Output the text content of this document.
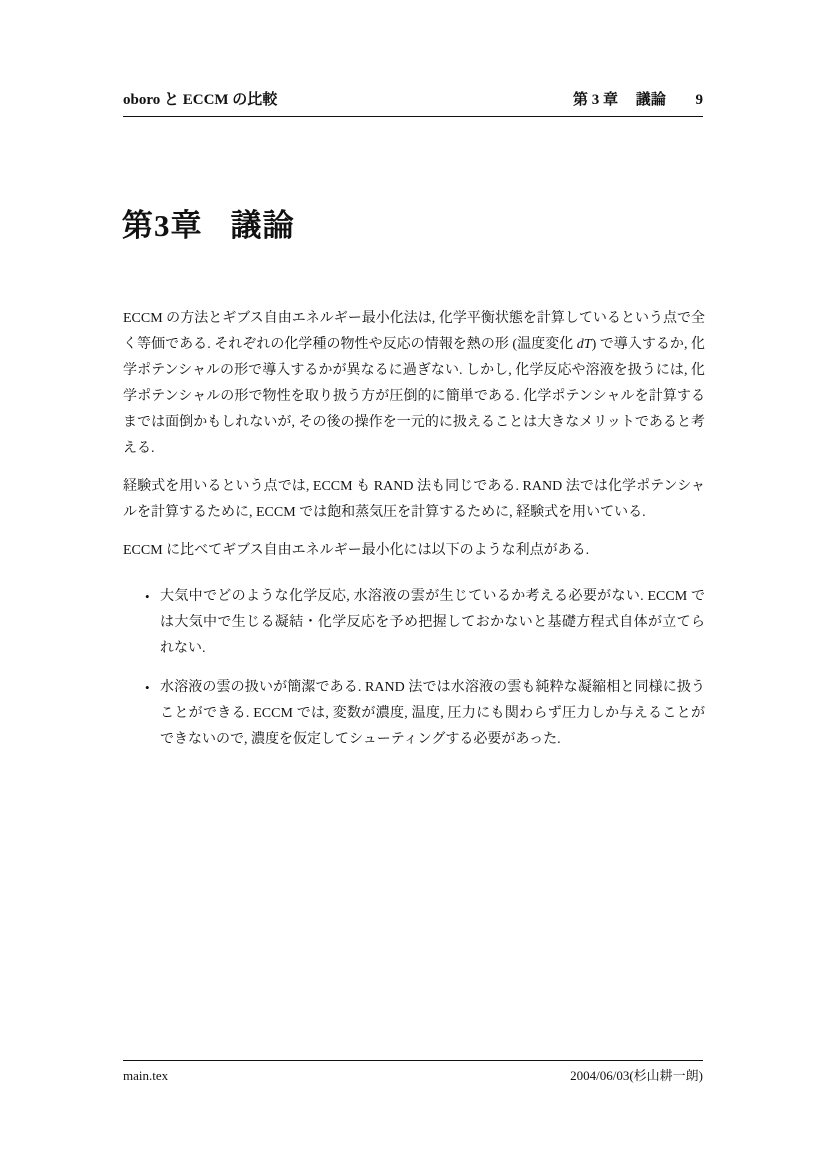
oboro と ECCM の比較	第 3 章 議論 9
第3章 議論

ECCM の方法とギブス自由エネルギー最小化法は, 化学平衡状態を計算しているという点で全く等価である. それぞれの化学種の物性や反応の情報を熱の形 (温度変化 dT) で導入するか, 化学ポテンシャルの形で導入するかが異なるに過ぎない. しかし, 化学反応や溶液を扱うには, 化学ポテンシャルの形で物性を取り扱う方が圧倒的に簡単である. 化学ポテンシャルを計算するまでは面倒かもしれないが, その後の操作を一元的に扱えることは大きなメリットであると考える.

経験式を用いるという点では, ECCM も RAND 法も同じである. RAND 法では化学ポテンシャルを計算するために, ECCM では飽和蒸気圧を計算するために, 経験式を用いている.

ECCM に比べてギブス自由エネルギー最小化には以下のような利点がある.

• 大気中でどのような化学反応, 水溶液の雲が生じているか考える必要がない. ECCM では大気中で生じる凝結・化学反応を予め把握しておかないと基礎方程式自体が立てられない.
• 水溶液の雲の扱いが簡潔である. RAND 法では水溶液の雲も純粋な凝縮相と同様に扱うことができる. ECCM では, 変数が濃度, 温度, 圧力にも関わらず圧力しか与えることができないので, 濃度を仮定してシューティングする必要があった.
main.tex	2004/06/03(杉山耕一朗)
